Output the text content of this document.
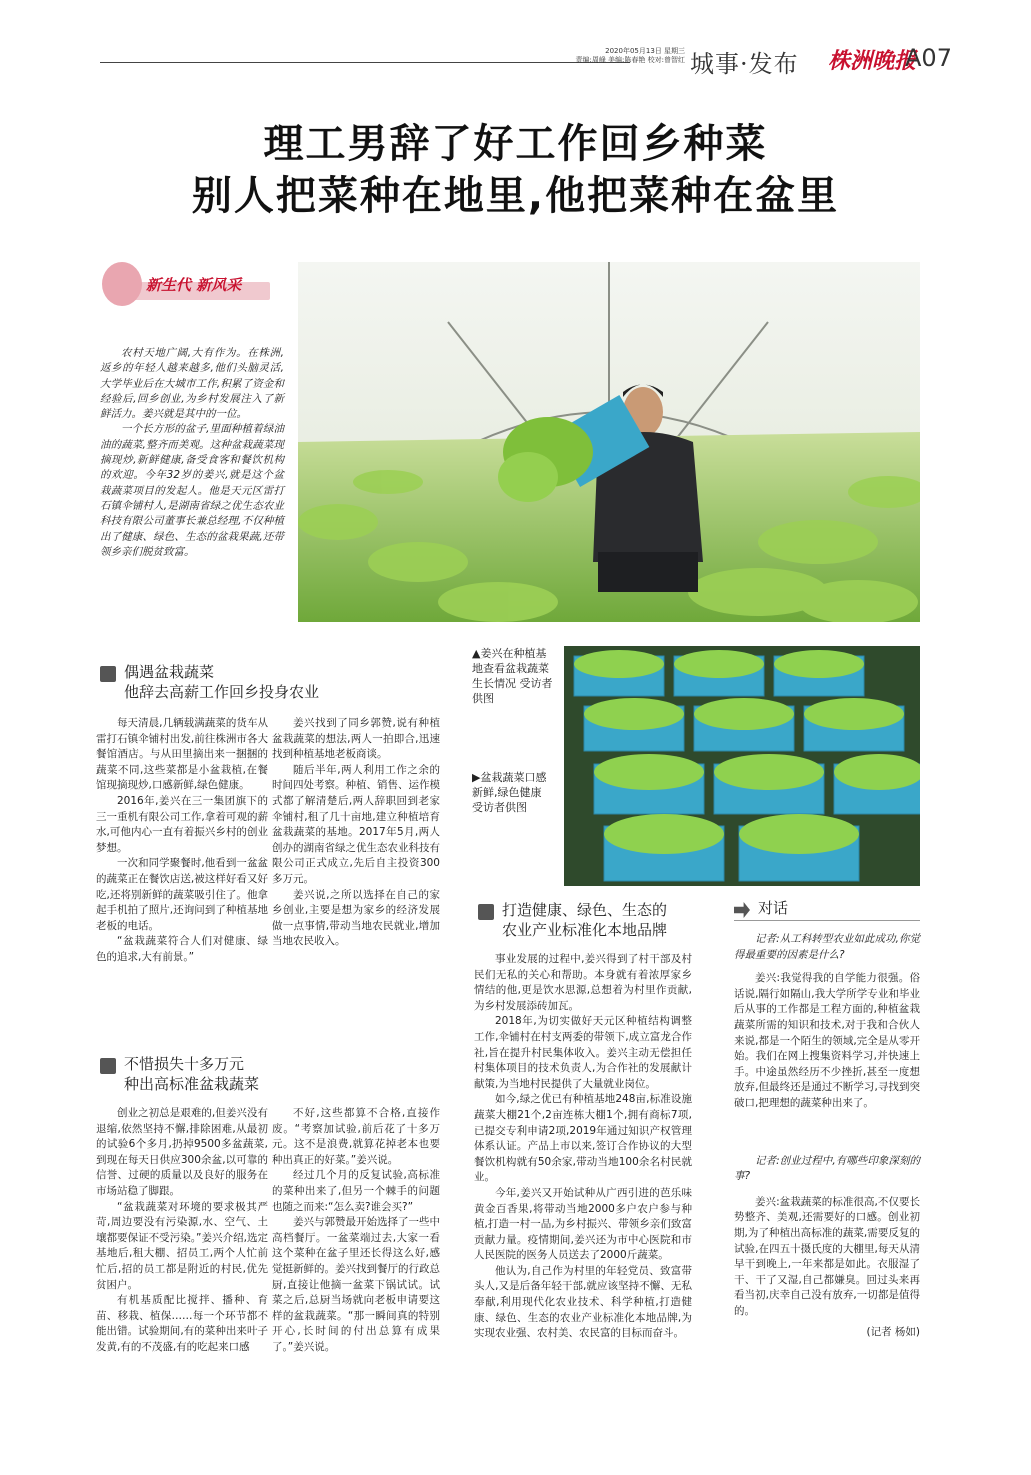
2020年05月13日 星期三
责编:周峰 美编:陈春艳 校对:曾智红 城事·发布 株洲晚报
A07
理工男辞了好工作回乡种菜
别人把菜种在地里,他把菜种在盆里
新生代 新风采

农村天地广阔,大有作为。在株洲,返乡的年轻人越来越多,他们头脑灵活,大学毕业后在大城市工作,积累了资金和经验后,回乡创业,为乡村发展注入了新鲜活力。姜兴就是其中的一位。

一个长方形的盆子,里面种植着绿油油的蔬菜,整齐而美观。这种盆栽蔬菜现摘现炒,新鲜健康,备受食客和餐饮机构的欢迎。今年32岁的姜兴,就是这个盆栽蔬菜项目的发起人。他是天元区雷打石镇伞铺村人,是湖南省绿之优生态农业科技有限公司董事长兼总经理,不仅种植出了健康、绿色、生态的盆栽果蔬,还带领乡亲们脱贫致富。

▲姜兴在种植基地查看盆栽蔬菜生长情况 受访者供图
▶盆栽蔬菜口感新鲜,绿色健康 受访者供图
偶遇盆栽蔬菜
他辞去高薪工作回乡投身农业

每天清晨,几辆载满蔬菜的货车从雷打石镇伞铺村出发,前往株洲市各大餐馆酒店。与从田里摘出来一捆捆的蔬菜不同,这些菜都是小盆栽植,在餐馆现摘现炒,口感新鲜,绿色健康。

2016年,姜兴在三一集团旗下的三一重机有限公司工作,拿着可观的薪水,可他内心一直有着振兴乡村的创业梦想。

一次和同学聚餐时,他看到一盆盆的蔬菜正在餐饮店送,被这样好看又好吃,还将别新鲜的蔬菜吸引住了。他拿起手机拍了照片,还询问到了种植基地老板的电话。

“盆栽蔬菜符合人们对健康、绿色的追求,大有前景。”

姜兴找到了同乡郭赞,说有种植盆栽蔬菜的想法,两人一拍即合,迅速找到种植基地老板商谈。

随后半年,两人利用工作之余的时间四处考察。种植、销售、运作模式都了解清楚后,两人辞职回到老家伞铺村,租了几十亩地,建立种植培育盆栽蔬菜的基地。2017年5月,两人创办的湖南省绿之优生态农业科技有限公司正式成立,先后自主投资300多万元。

姜兴说,之所以选择在自己的家乡创业,主要是想为家乡的经济发展做一点事情,带动当地农民就业,增加当地农民收入。

不惜损失十多万元
种出高标准盆栽蔬菜

创业之初总是艰难的,但姜兴没有退缩,依然坚持不懈,排除困难,从最初的试验6个多月,扔掉9500多盆蔬菜,到现在每天日供应300余盆,以可靠的信誉、过硬的质量以及良好的服务在市场站稳了脚跟。

“盆栽蔬菜对环境的要求极其严苛,周边要没有污染源,水、空气、土壤都要保证不受污染。”姜兴介绍,选定基地后,租大棚、招员工,两个人忙前忙后,招的员工都是附近的村民,优先贫困户。

有机基质配比搅拌、播种、育苗、移栽、植保……每一个环节都不能出错。试验期间,有的菜种出来叶子发黄,有的不茂盛,有的吃起来口感

不好,这些都算不合格,直接作废。“考察加试验,前后花了十多万元。这不是浪费,就算花掉老本也要种出真正的好菜。”姜兴说。

经过几个月的反复试验,高标准的菜种出来了,但另一个棘手的问题也随之而来:“怎么卖?谁会买?”

姜兴与郭赞最开始选择了一些中高档餐厅。一盆菜端过去,大家一看这个菜种在盆子里还长得这么好,感觉挺新鲜的。姜兴找到餐厅的行政总厨,直接让他摘一盆菜下锅试试。试菜之后,总厨当场就向老板申请要这样的盆栽蔬菜。“那一瞬间真的特别开心,长时间的付出总算有成果了。”姜兴说。

打造健康、绿色、生态的
农业产业标准化本地品牌

事业发展的过程中,姜兴得到了村干部及村民们无私的关心和帮助。本身就有着浓厚家乡情结的他,更是饮水思源,总想着为村里作贡献,为乡村发展添砖加瓦。

2018年,为切实做好天元区种植结构调整工作,伞铺村在村支两委的带领下,成立富龙合作社,旨在提升村民集体收入。姜兴主动无偿担任村集体项目的技术负责人,为合作社的发展献计献策,为当地村民提供了大量就业岗位。

如今,绿之优已有种植基地248亩,标准设施蔬菜大棚21个,2亩连栋大棚1个,拥有商标7项,已提交专利申请2项,2019年通过知识产权管理体系认证。产品上市以来,签订合作协议的大型餐饮机构就有50余家,带动当地100余名村民就业。

今年,姜兴又开始试种从广西引进的芭乐味黄金百香果,将带动当地2000多户农户参与种植,打造一村一品,为乡村振兴、带领乡亲们致富贡献力量。疫情期间,姜兴还为市中心医院和市人民医院的医务人员送去了2000斤蔬菜。

他认为,自己作为村里的年轻党员、致富带头人,又是后备年轻干部,就应该坚持不懈、无私奉献,利用现代化农业技术、科学种植,打造健康、绿色、生态的农业产业标准化本地品牌,为实现农业强、农村美、农民富的目标而奋斗。

对话

记者:从工科转型农业如此成功,你觉得最重要的因素是什么?

姜兴:我觉得我的自学能力很强。俗话说,隔行如隔山,我大学所学专业和毕业后从事的工作都是工程方面的,种植盆栽蔬菜所需的知识和技术,对于我和合伙人来说,都是一个陌生的领域,完全是从零开始。我们在网上搜集资料学习,并快速上手。中途虽然经历不少挫折,甚至一度想放弃,但最终还是通过不断学习,寻找到突破口,把理想的蔬菜种出来了。

记者:创业过程中,有哪些印象深刻的事?

姜兴:盆栽蔬菜的标准很高,不仅要长势整齐、美观,还需要好的口感。创业初期,为了种植出高标准的蔬菜,需要反复的试验,在四五十摄氏度的大棚里,每天从清早干到晚上,一年来都是如此。衣服湿了干、干了又湿,自己都嫌臭。回过头来再看当初,庆幸自己没有放弃,一切都是值得的。

(记者 杨如)
